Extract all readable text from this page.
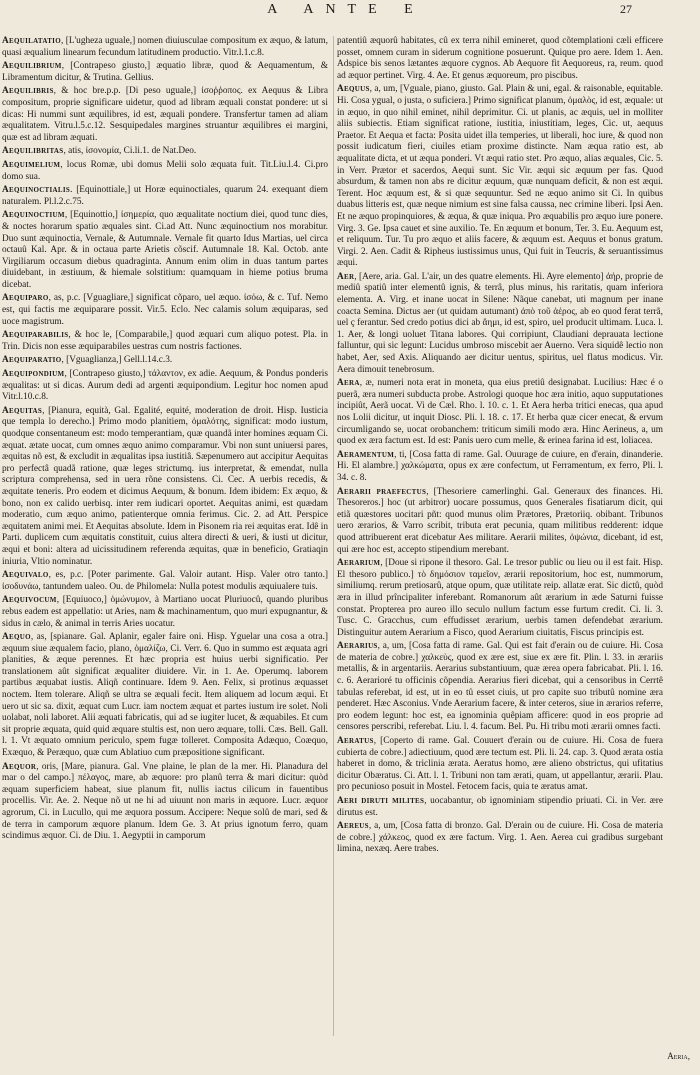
A ANTE E	27

Aequilatatio, [L'ugheza uguale,] nomen diuiusculae compositum ex æquo, & latum, quasi æqualium linearum fecundum latitudinem productio. Vitr.l.1.c.8.

Aequilibrium, [Contrapeso giusto,] æquatio libræ, quod & Aequamentum, & Libramentum dicitur, & Trutina. Gellius.

Aequilibris, & hoc bre.p.p. [Di peso uguale,] ἰσοῤῥοπος. ex Aequus & Libra compositum, proprie significare uidetur, quod ad libram æquali constat pondere: ut si dicas: Hi nummi sunt æquilibres, id est, æquali pondere. Transfertur tamen ad aliam æqualitatem. Vitru.l.5.c.12. Sesquipedales margines struantur æquilibres ei margini, quæ est ad libram æquati.

Aequilibritas, atis, ἰσονομία, Ci.li.1. de Nat.Deo.

Aequimelium, locus Romæ, ubi domus Melii solo æquata fuit. Tit.Liu.l.4. Ci.pro domo sua.

Aequinoctialis. [Equinottiale,] ut Horæ equinoctiales, quarum 24. exequant diem naturalem. Pl.l.2.c.75.

Aequinoctium, [Equinottio,] ἰσημερία, quo æqualitate noctium diei, quod tunc dies, & noctes horarum spatio æquales sint. Ci.ad Att. Nunc æquinoctium nos morabitur. Duo sunt æquinoctia, Vernale, & Autumnale. Vernale fit quarto Idus Martias, uel circa octauû Kal. Apr. & in octaua parte Arietis cõscif. Autumnale 18. Kal. Octob. ante Virgiliarum occasum diebus quadraginta. Annum enim olim in duas tantum partes diuidebant, in æstiuum, & hiemale solstitium: quamquam in hieme potius bruma dicebat.

Aequiparo, as, p.c. [Vguagliare,] significat cõparo, uel æquo. ἰσόω, & c. Tuf. Nemo est, qui factis me æquiparare possit. Vir.5. Eclo. Nec calamis solum æquiparas, sed uoce magistrum.

Aequiparabilis, & hoc le, [Comparabile,] quod æquari cum aliquo potest. Pla. in Trin. Dicis non esse æquiparabiles uestras cum nostris factiones.

Aequiparatio, [Vguaglianza,] Gell.l.14.c.3.

Aequipondium, [Contrapeso giusto,] τάλαντον, ex adie. Aequum, & Pondus ponderis æqualitas: ut si dicas. Aurum dedi ad argenti æquipondium. Legitur hoc nomen apud Vitr.l.10.c.8.

Aequitas, [Pianura, equità, Gal. Egalité, equité, moderation de droit. Hisp. Iusticia que templa lo derecho.] Primo modo planitiem, ὁμαλότης, significat: modo iustum, quodque consentaneum est: modo temperantiam, quæ quandã inter homines æquam Ci. æquat. ætate uocat, cum omnes æquo animo comparamur. Vbi non sunt uniuersi pares, æquitas nõ est, & excludit in æqualitas ipsa iustitiâ. Sæpenumero aut accipitur Aequitas pro perfectâ quadã ratione, quæ leges strictumq. ius interpretat, & emendat, nulla scriptura comprehensa, sed in uera rõne consistens. Ci. Cec. A uerbis recedis, & æquitate teneris. Pro eodem et dicimus Aequum, & bonum. Idem ibidem: Ex æquo, & bono, non ex calido uerbisq. inter rem iudicari oportet. Aequitas animi, est quædam moderatio, cum æquo animo, patienterque omnia ferimus. Cic. 2. ad Att. Perspice æquitatem animi mei. Et Aequitas absolute. Idem in Pisonem ria rei æquitas erat. Idê in Parti. duplicem cum æquitatis constituit, cuius altera directi & ueri, & iusti ut dicitur, æqui et boni: altera ad uicissitudinem referenda æquitas, quæ in beneficio, Gratiaqin iniuria, Vltio nominatur.

Aequivalo, es, p.c. [Poter parimente. Gal. Valoir autant. Hisp. Valer otro tanto.] ἰσοδυνάω, tantundem ualeo. Ou. de Philomela: Nulla potest modulis æquiualere tuis.

Aequivocum, [Equiuoco,] ὁμώνυμον, à Martiano uocat Pluriuocû, quando pluribus rebus eadem est appellatio: ut Aries, nam & machinamentum, quo muri expugnantur, & sidus in cælo, & animal in terris Aries uocatur.

Aequo, as, [spianare. Gal. Aplanir, egaler faire oni. Hisp. Yguelar una cosa a otra.] æquum siue æqualem facio, plano, ὁμαλίζω, Ci. Verr. 6. Quo in summo est æquata agri planities, & æque perennes. Et hæc propria est huius uerbi significatio. Per translationem aût significat æqualiter diuidere. Vir. in 1. Ae. Operumq. laborem partibus æquabat iustis. Aliqñ continuare. Idem 9. Aen. Felix, si protinus æquasset noctem. Item tolerare. Aliqñ se ultra se æquali fecit. Item aliquem ad locum æqui. Et uero ut sic sa. dixit, æquat cum Lucr. iam noctem æquat et partes iustum ire solet. Noli uolabat, noli laboret. Alii æquati fabricatis, qui ad se iugiter lucet, & æquabiles. Et cum sit proprie æquata, quid quid æquare stultis est, non uero æquare, tolli. Cæs. Bell. Gall. l. 1. Vt æquato omnium periculo, spem fugæ tolleret. Composita Adæquo, Coæquo, Exæquo, & Peræquo, quæ cum Ablatiuo cum præpositione significant.

Aequor, oris, [Mare, pianura. Gal. Vne plaine, le plan de la mer. Hi. Planadura del mar o del campo.] πέλαγος, mare, ab æquore: pro planû terra & mari dicitur: quòd æquam superficiem habeat, siue planum fit, nullis iactus cilicum in fauentibus procellis. Vir. Ae. 2. Neque nõ ut ne hi ad uiuunt non maris in æquore. Lucr. æquor agrorum, Ci. in Lucullo, qui me æquora possum. Accipere: Neque solû de mari, sed & de terra in camporum æquore planum. Idem Ge. 3. At prius ignotum ferro, quam scindimus æquor. Ci. de Diu. 1. Aegyptii in camporum

patentiû æquorû habitates, cû ex terra nihil emineret, quod cõtemplationi cæli efficere posset, omnem curam in siderum cognitione posuerunt. Quique pro aere. Idem 1. Aen. Adspice bis senos lætantes æquore cygnos. Ab Aequore fit Aequoreus, ra, reum. quod ad æquor pertinet. Virg. 4. Ae. Et genus æquoreum, pro piscibus.

Aequus, a, um, [Vguale, piano, giusto. Gal. Plain & uni, egal. & raisonable, equitable. Hi. Cosa ygual, o justa, o suficiera.] Primo significat planum, ὁμαλὸς, id est, æquale: ut in æquo, in quo nihil eminet, nihil deprimitur. Ci. ut planis, ac æquis, uel in molliter aliis subiectis. Etiam significat ratione, iustitia, iniustitiam, leges, Cic. ut, aequus Praetor. Et Aequa et facta: Posita uidet illa temperies, ut liberali, hoc iure, & quod non possit iudicatum fieri, ciuiles etiam proxime distincte. Nam æqua ratio est, ab æqualitate dicta, et ut æqua ponderi. Vt æqui ratio stet. Pro æquo, alias æquales, Cic. 5. in Verr. Prætor et sacerdos, Aequi sunt. Sic Vir. æqui sic æquum per fas. Quod absurdum, & tamen non abs re dicitur æquum, quæ nunquam deficit, & non est æqui. Terent. Hoc æquum est, & si quæ sequuntur. Sed ne æquo animo sit Ci. In quibus duabus litteris est, quæ neque nimium est sine falsa caussa, nec crimine liberi. Ipsi Aen. Et ne æquo propinquiores, & æqua, & quæ iniqua. Pro æquabilis pro æquo iure ponere. Virg. 3. Ge. Ipsa cauet et sine auxilio. Te. En æquum et bonum, Ter. 3. Eu. Aequum est, et reliquum. Tur. Tu pro æquo et aliis facere, & æquum est. Aequus et bonus gratum. Virgi. 2. Aen. Cadit & Ripheus iustissimus unus, Qui fuit in Teucris, & seruantissimus æqui.

Aer, [Aere, aria. Gal. L'air, un des quatre elements. Hi. Ayre elemento] ἀήρ, proprie de mediû spatiû inter elementû ignis, & terrâ, plus minus, his raritatis, quam inferiora elementa. A. Virg. et inane uocat in Silene: Nãque canebat, uti magnum per inane coacta Semina. Dictus aer (ut quidam autumant) ἀπὸ τοῦ ἀέρος, ab eo quod ferat terrã, uel ç ferantur. Sed credo potius dici ab ἄημι, id est, spiro, uel producit ultimam. Luca. l. 1. Aer, & longi uoluet Titana labores. Qui corripiunt, Claudiani deprauata lectione falluntur, qui sic legunt: Lucidus umbroso miscebit aer Auerno. Vera siquidê lectio non habet, Aer, sed Axis. Aliquando aer dicitur uentus, spiritus, uel flatus modicus. Vir. Aera dimouit tenebrosum.

Aera, æ, numeri nota erat in moneta, qua eius pretiû designabat. Lucilius: Hæc é o puerã, æra numeri subducta probe. Astrologi quoque hoc æra initio, aquo supputationes incipiût, Aerã uocat. Vi de Cæl. Rho. l. 10. c. 1. Et Aera herba tritici enecas, qua apud nos Lolii dicitur, ut inquit Diosc. Pli. l. 18. c. 17. Et herba quæ cicer enecat, & ervum circumligando se, uocat orobanchem: triticum simili modo æra. Hinc Aerineus, a, um quod ex æra factum est. Id est: Panis uero cum melle, & erinea farina id est, loliacea.

Aeramentum, ti, [Cosa fatta di rame. Gal. Ouurage de cuiure, en d'erain, dinanderie. Hi. El alambre.] χαλκώματα, opus ex ære confectum, ut Ferramentum, ex ferro, Pli. l. 34. c. 8.

Aerarii praefectus, [Thesoriere camerlinghi. Gal. Generaux des finances. Hi. Thesoreros.] hoc (ut arbitror) uocare possumus, quos Generales fisatiarum dicit, qui etiã quæstores uocitari pñt: quod munus olim Prætores, Prætoriiq. obibant. Tribunos uero ærarios, & Varro scribit, tributa erat pecunia, quam militibus redderent: idque quod attribuerent erat dicebatur Aes militare. Aerarii milites, ὀψώνια, dicebant, id est, qui ære hoc est, accepto stipendium merebant.

Aerarium, [Doue si ripone il thesoro. Gal. Le tresor public ou lieu ou il est fait. Hisp. El thesoro publico.] τὸ δημόσιον ταμεῖον, ærarii repositorium, hoc est, nummorum, similiumq. rerum pretiosarû, atque opum, quæ utilitate reip. allatæ erat. Sic dictû, quòd æra in illud prîncipaliter inferebant. Romanorum aût ærarium in æde Saturni fuisse constat. Propterea pro aureo illo seculo nullum factum esse furtum credit. Ci. li. 3. Tusc. C. Gracchus, cum effudisset ærarium, uerbis tamen defendebat ærarium. Distinguitur autem Aerarium a Fisco, quod Aerarium ciuitatis, Fiscus principis est.

Aerarius, a, um, [Cosa fatta di rame. Gal. Qui est fait d'erain ou de cuiure. Hi. Cosa de materia de cobre.] χαλκεὺς, quod ex ære est, siue ex ære fit. Plin. l. 33. in ærariis metallis, & in argentariis. Aerarius substantiuum, quæ ærea opera fabricabat. Pli. l. 16. c. 6. Aerarioré tu officinis cõpendia. Aerarius fieri dicebat, qui a censoribus in Cerrtê tabulas referebat, id est, ut in eo tû esset ciuis, ut pro capite suo tributû nomine æra penderet. Hæc Asconius. Vnde Aerarium facere, & inter ceteros, siue in ærarios referre, pro eodem legunt: hoc est, ea ignominia quêpiam afficere: quod in eos proprie ad censores perscribi, referebat. Liu. l. 4. facum. Bel. Pu. Hi tribu moti ærarii omnes facti.

Aeratus, [Coperto di rame. Gal. Couuert d'erain ou de cuiure. Hi. Cosa de fuera cubierta de cobre.] adiectiuum, quod ære tectum est. Pli. li. 24. cap. 3. Quod ærata ostia haberet in domo, & triclinia ærata. Aeratus homo, ære alieno obstrictus, qui ufitatius dicitur Obæratus. Ci. Att. l. 1. Tribuni non tam ærati, quam, ut appellantur, ærarii. Plau. pro pecunioso posuit in Mostel. Fetocem facis, quia te æratus amat.

Aeri diruti milites, uocabantur, ob ignominiam stipendio priuati. Ci. in Ver. ære dirutus est.

Aereus, a, um, [Cosa fatta di bronzo. Gal. D'erain ou de cuiure. Hi. Cosa de materia de cobre.] χάλκεος, quod ex ære factum. Virg. 1. Aen. Aerea cui gradibus surgebant limina, nexæq. Aere trabes.

Aeria,
